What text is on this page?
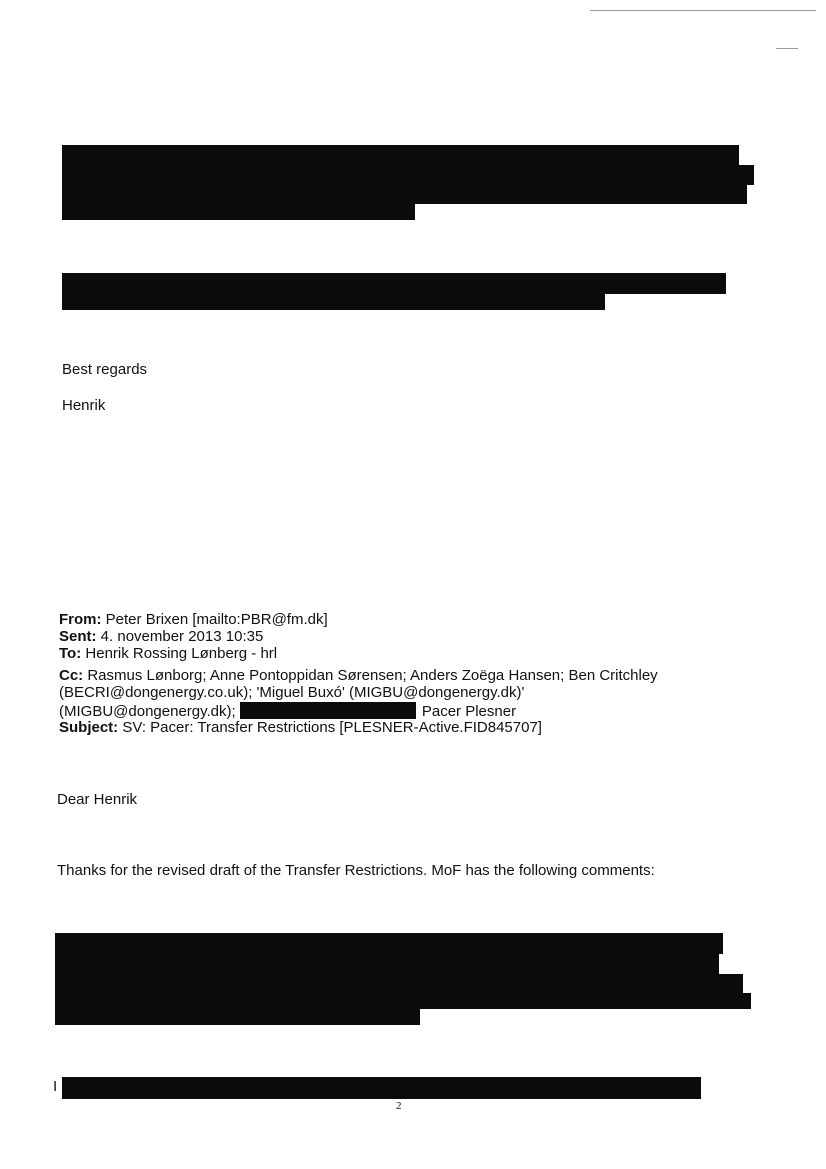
Best regards
Henrik
From: Peter Brixen [mailto:PBR@fm.dk]
Sent: 4. november 2013 10:35
To: Henrik Rossing Lønberg - hrl
Cc: Rasmus Lønborg; Anne Pontoppidan Sørensen; Anders Zoëga Hansen; Ben Critchley
(BECRI@dongenergy.co.uk); 'Miguel Buxó' (MIGBU@dongenergy.dk)'
(MIGBU@dongenergy.dk);	Pacer Plesner
Subject: SV: Pacer: Transfer Restrictions [PLESNER-Active.FID845707]
Dear Henrik
Thanks for the revised draft of the Transfer Restrictions. MoF has the following comments:
I
2
